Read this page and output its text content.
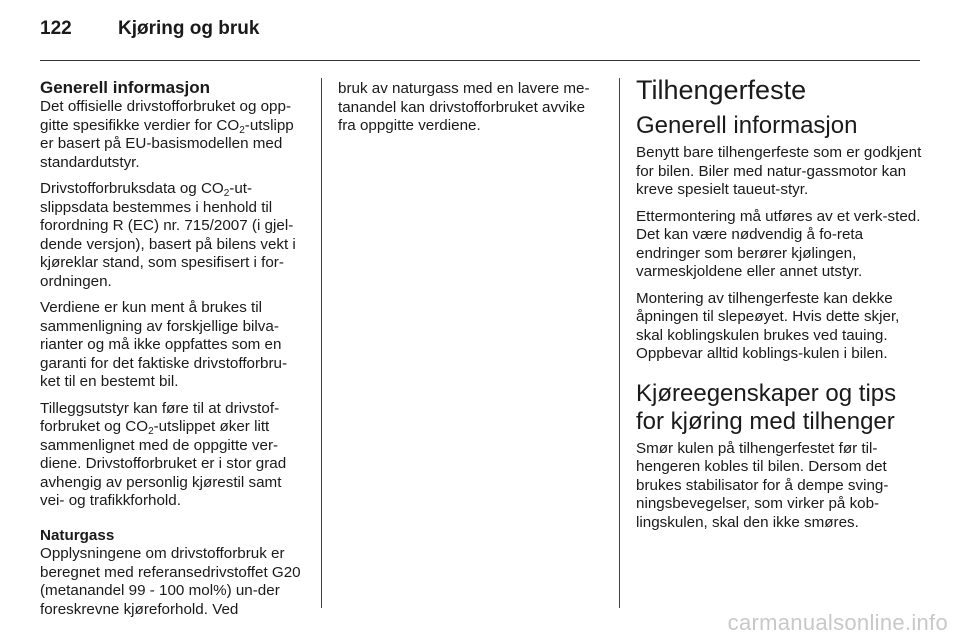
122	Kjøring og bruk
Generell informasjon

Det offisielle drivstofforbruket og opp-gitte spesifikke verdier for $CO_2$-utslipp er basert på EU-basismodellen med standardutstyr.

Drivstofforbruksdata og $CO_2-ut$-slippsdata bestemmes i henhold til forordning R (EC) nr. 715/2007 (i gjel-dende versjon), basert på bilens vekt i kjøreklar stand, som spesifisert i for-ordningen.

Verdiene er kun ment å brukes til sammenligning av forskjellige bilva-rianter og må ikke oppfattes som en garanti for det faktiske drivstofforbru-ket til en bestemt bil.

Tilleggsutstyr kan føre til at drivstof-forbruket og $CO_2$-utslippet øker litt sammenlignet med de oppgitte ver-diene. Drivstofforbruket er i stor grad avhengig av personlig kjørestil samt vei- og trafikkforhold.

Naturgass

Opplysningene om drivstofforbruk er beregnet med referansedrivstoffet G20 (metanandel 99 - 100 mol%) un-der foreskrevne kjøreforhold. Ved

bruk av naturgass med en lavere me-tanandel kan drivstofforbruket avvike fra oppgitte verdiene.

Tilhengerfeste
Generell informasjon

Benytt bare tilhengerfeste som er godkjent for bilen. Biler med natur-gassmotor kan kreve spesielt taueut-styr.

Ettermontering må utføres av et verk-sted. Det kan være nødvendig å fo-reta endringer som berører kjølingen, varmeskjoldene eller annet utstyr.

Montering av tilhengerfeste kan dekke åpningen til slepeøyet. Hvis dette skjer, skal koblingskulen brukes ved tauing. Oppbevar alltid koblings-kulen i bilen.

Kjøreegenskaper og tips for kjøring med tilhenger

Smør kulen på tilhengerfestet før til-hengeren kobles til bilen. Dersom det brukes stabilisator for å dempe sving-ningsbevegelser, som virker på kob-lingskulen, skal den ikke smøres.

carmanualsonline.info
